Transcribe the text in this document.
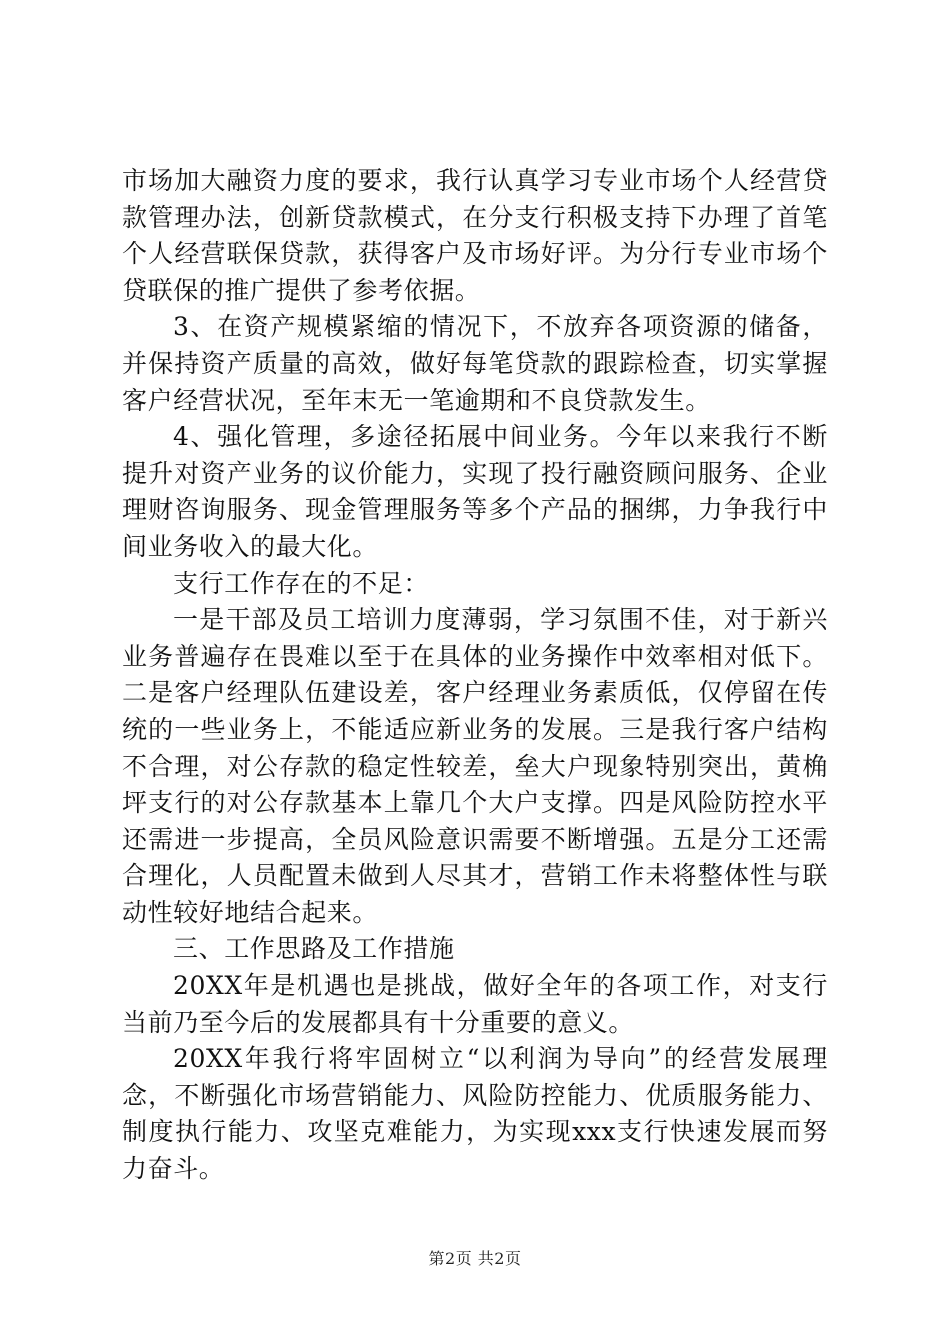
市场加大融资力度的要求，我行认真学习专业市场个人经营贷款管理办法，创新贷款模式，在分支行积极支持下办理了首笔个人经营联保贷款，获得客户及市场好评。为分行专业市场个贷联保的推广提供了参考依据。

3、在资产规模紧缩的情况下，不放弃各项资源的储备，并保持资产质量的高效，做好每笔贷款的跟踪检查，切实掌握客户经营状况，至年末无一笔逾期和不良贷款发生。

4、强化管理，多途径拓展中间业务。今年以来我行不断提升对资产业务的议价能力，实现了投行融资顾问服务、企业理财咨询服务、现金管理服务等多个产品的捆绑，力争我行中间业务收入的最大化。

支行工作存在的不足：

一是干部及员工培训力度薄弱，学习氛围不佳，对于新兴业务普遍存在畏难以至于在具体的业务操作中效率相对低下。二是客户经理队伍建设差，客户经理业务素质低，仅停留在传统的一些业务上，不能适应新业务的发展。三是我行客户结构不合理，对公存款的稳定性较差，垒大户现象特别突出，黄桷坪支行的对公存款基本上靠几个大户支撑。四是风险防控水平还需进一步提高，全员风险意识需要不断增强。五是分工还需合理化，人员配置未做到人尽其才，营销工作未将整体性与联动性较好地结合起来。

三、工作思路及工作措施

20XX年是机遇也是挑战，做好全年的各项工作，对支行当前乃至今后的发展都具有十分重要的意义。

20XX年我行将牢固树立“以利润为导向”的经营发展理念，不断强化市场营销能力、风险防控能力、优质服务能力、制度执行能力、攻坚克难能力，为实现xxx支行快速发展而努力奋斗。

第2页 共2页
